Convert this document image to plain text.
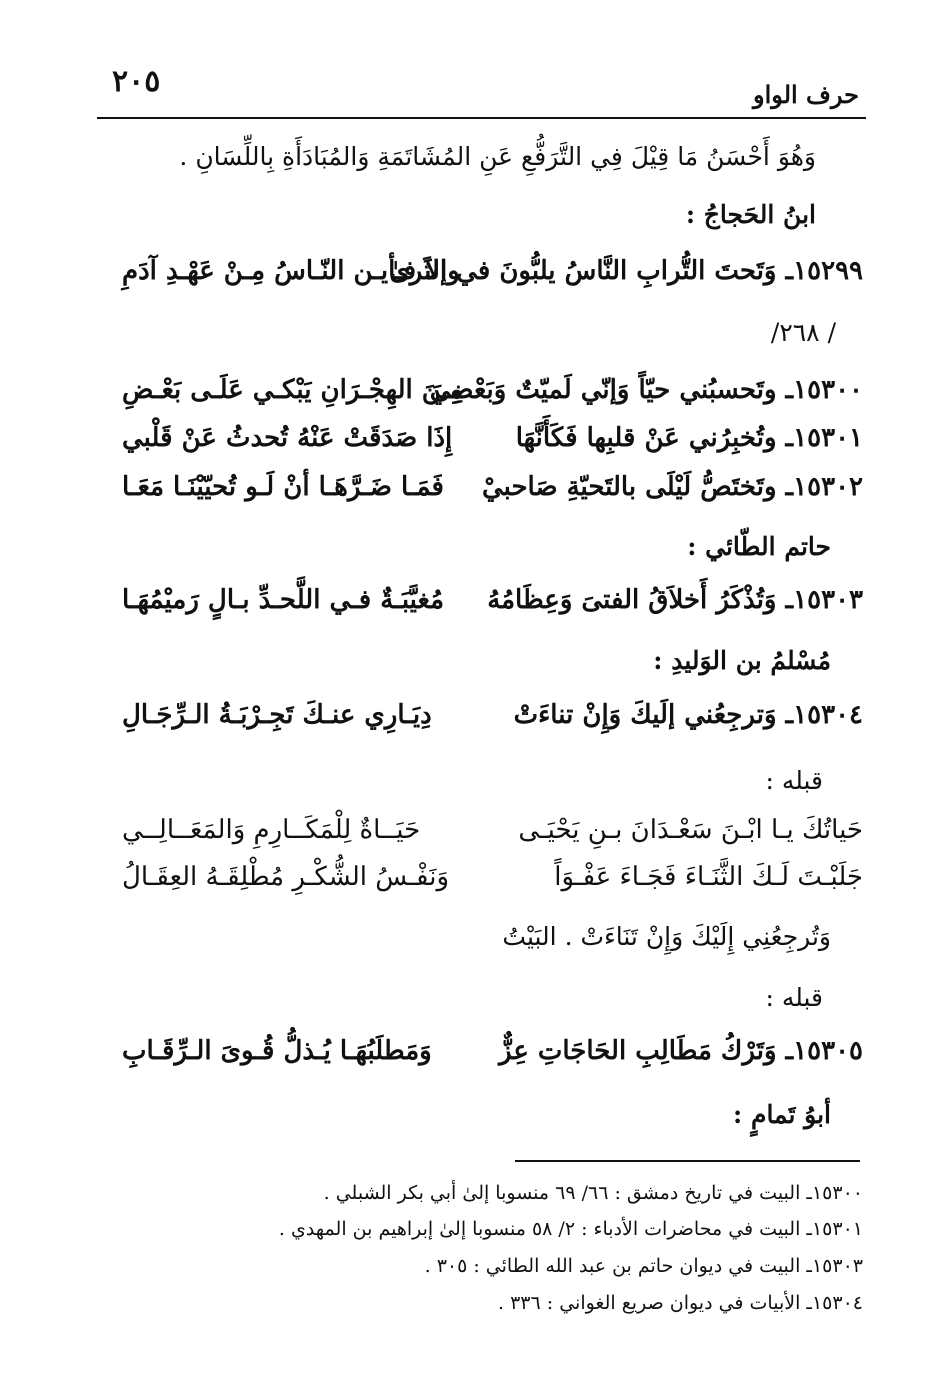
٢٠٥	حرف الواو
وَهُوَ أَحْسَنُ مَا قِيْلَ فِي التَّرَفُّعِ عَنِ المُشَاتَمَةِ وَالمُبَادَأَةِ بِاللِّسَانِ .
ابنُ الحَجاجُ :
١٥٢٩٩ـ وَتَحتَ التُّرابِ النَّاسُ يلبُّونَ في الثَرىٰ
وإلاَ فـأيـن النّـاسُ مِـنْ عَهْـدِ آدَمِ
/ ٢٦٨/
١٥٣٠٠ـ وتَحسبُني حيّاً وَإنّي لَميّتٌ وَبَعْضِيَ
مِـنَ الهِجْـرَانِ يَبْكـي عَلَـى بَعْـضِ
١٥٣٠١ـ وتُخبِرُني عَنْ قلبِها فَكَأَنَّهَا
إِذَا صَدَقَتْ عَنْهُ تُحدثُ عَنْ قَلْبي
١٥٣٠٢ـ وتَختَصُّ لَيْلَى بالتَحيّةِ صَاحبيْ
فَمَـا ضَـرَّهَـا أنْ لَـو تُحيّيْنَـا مَعَـا
حاتم الطّائي :
١٥٣٠٣ـ وَتُذْكَرُ أَخلاَقُ الفتىَ وَعِظَامُهُ
مُغيَّبَـةٌ فـي اللَّحـدِّ بـالٍ رَميْمُهَـا
مُسْلمُ بن الوَليدِ :
١٥٣٠٤ـ وَترجِعُني إلَيكَ وَإِنْ تناءَتْ
دِيَـارِي عنـكَ تَجِـرْبَـةُ الـرِّجَـالِ
قبله :
حَياتُكَ يـا ابْـنَ سَعْـدَانَ بـنِ يَحْيَـى
حَيَــاةٌ لِلْمَكَــارِمِ وَالمَعَــالِــي
جَلَبْـتَ لَـكَ الثَّنَـاءَ فَجَـاءَ عَفْـوَاً
وَنَفْـسُ الشُّكْـرِ مُطْلِقَـهُ العِقَـالُ
وَتُرجِعُنِي إِلَيْكَ وَإِنْ تَنَاءَتْ . البَيْتُ
قبله :
١٥٣٠٥ـ وَتَرْكُ مَطَالِبِ الحَاجَاتِ عِزٌّ
وَمَطلَبُهَـا يُـذلُّ قُـوىَ الـرِّقَـابِ
أبوُ تَمامٍ :
١٥٣٠٠ـ البيت في تاريخ دمشق : ٦٦/ ٦٩ منسوبا إلىٰ أبي بكر الشبلي .
١٥٣٠١ـ البيت في محاضرات الأدباء : ٢/ ٥٨ منسوبا إلىٰ إبراهيم بن المهدي .
١٥٣٠٣ـ البيت في ديوان حاتم بن عبد الله الطائي : ٣٠٥ .
١٥٣٠٤ـ الأبيات في ديوان صريع الغواني : ٣٣٦ .
